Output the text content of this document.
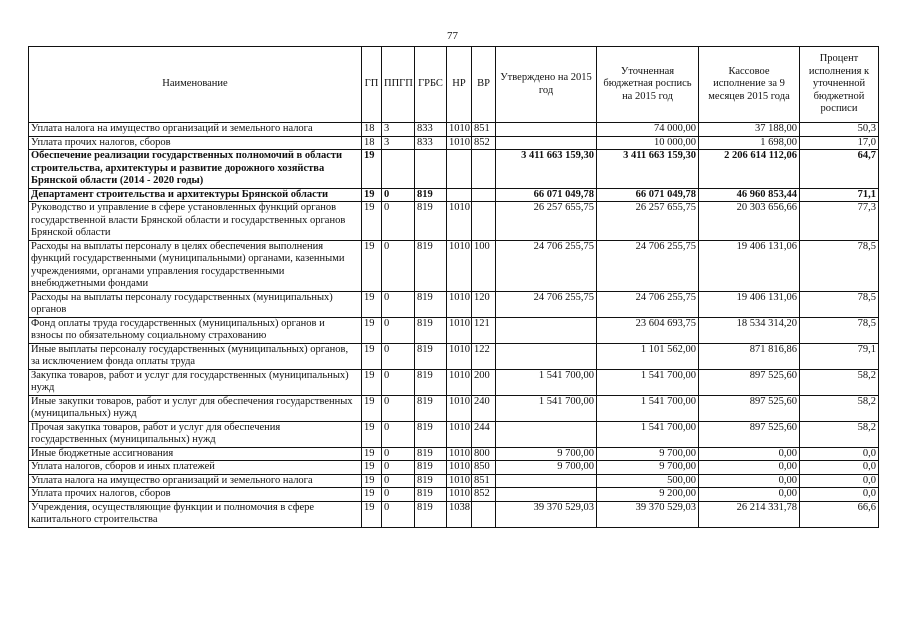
77
Наименование	ГП	ППГП	ГРБС	НР	ВР	Утверждено на 2015 год	Уточненная бюджетная роспись на 2015 год	Кассовое исполнение за 9 месяцев 2015 года	Процент исполнения к уточненной бюджетной росписи
Уплата налога на имущество организаций и земельного налога	18	3	833	1010	851		74 000,00	37 188,00	50,3
Уплата прочих налогов, сборов	18	3	833	1010	852		10 000,00	1 698,00	17,0
Обеспечение реализации государственных полномочий в области строительства, архитектуры и развитие дорожного хозяйства Брянской области (2014 - 2020 годы)	19					3 411 663 159,30	3 411 663 159,30	2 206 614 112,06	64,7
Департамент строительства и архитектуры Брянской области	19	0	819			66 071 049,78	66 071 049,78	46 960 853,44	71,1
Руководство и управление в сфере установленных функций органов государственной власти Брянской области и государственных органов Брянской области	19	0	819	1010		26 257 655,75	26 257 655,75	20 303 656,66	77,3
Расходы на выплаты персоналу в целях обеспечения выполнения функций государственными (муниципальными) органами, казенными учреждениями, органами управления государственными внебюджетными фондами	19	0	819	1010	100	24 706 255,75	24 706 255,75	19 406 131,06	78,5
Расходы на выплаты персоналу государственных (муниципальных) органов	19	0	819	1010	120	24 706 255,75	24 706 255,75	19 406 131,06	78,5
Фонд оплаты труда государственных (муниципальных) органов и взносы по обязательному социальному страхованию	19	0	819	1010	121		23 604 693,75	18 534 314,20	78,5
Иные выплаты персоналу государственных (муниципальных) органов, за исключением фонда оплаты труда	19	0	819	1010	122		1 101 562,00	871 816,86	79,1
Закупка товаров, работ и услуг для государственных (муниципальных) нужд	19	0	819	1010	200	1 541 700,00	1 541 700,00	897 525,60	58,2
Иные закупки товаров, работ и услуг для обеспечения государственных (муниципальных) нужд	19	0	819	1010	240	1 541 700,00	1 541 700,00	897 525,60	58,2
Прочая закупка товаров, работ и услуг для обеспечения государственных (муниципальных) нужд	19	0	819	1010	244		1 541 700,00	897 525,60	58,2
Иные бюджетные ассигнования	19	0	819	1010	800	9 700,00	9 700,00	0,00	0,0
Уплата налогов, сборов и иных платежей	19	0	819	1010	850	9 700,00	9 700,00	0,00	0,0
Уплата налога на имущество организаций и земельного налога	19	0	819	1010	851		500,00	0,00	0,0
Уплата прочих налогов, сборов	19	0	819	1010	852		9 200,00	0,00	0,0
Учреждения, осуществляющие функции и полномочия в сфере капитального строительства	19	0	819	1038		39 370 529,03	39 370 529,03	26 214 331,78	66,6
